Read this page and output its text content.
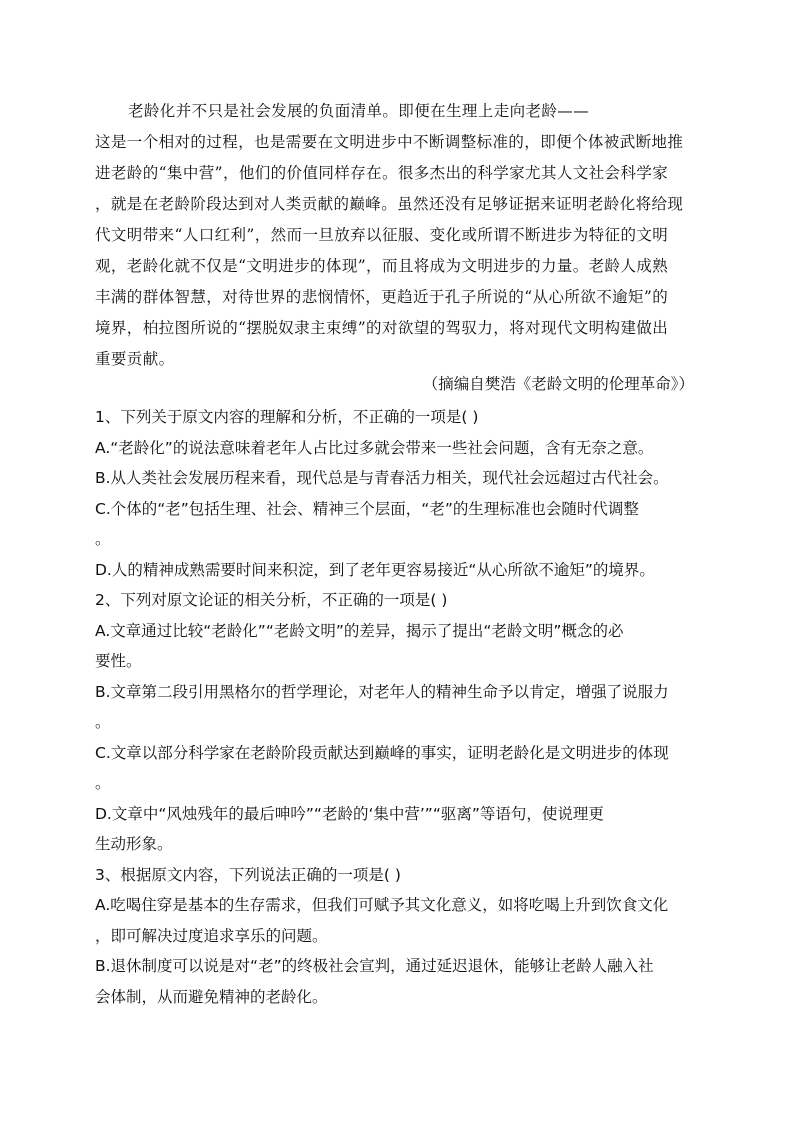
老龄化并不只是社会发展的负面清单。即便在生理上走向老龄——
这是一个相对的过程，也是需要在文明进步中不断调整标准的，即便个体被武断地推
进老龄的“集中营”，他们的价值同样存在。很多杰出的科学家尤其人文社会科学家
，就是在老龄阶段达到对人类贡献的巅峰。虽然还没有足够证据来证明老龄化将给现
代文明带来“人口红利”，然而一旦放弃以征服、变化或所谓不断进步为特征的文明
观，老龄化就不仅是“文明进步的体现”，而且将成为文明进步的力量。老龄人成熟
丰满的群体智慧，对待世界的悲悯情怀，更趋近于孔子所说的“从心所欲不逾矩”的
境界，柏拉图所说的“摆脱奴隶主束缚”的对欲望的驾驭力，将对现代文明构建做出
重要贡献。
（摘编自樊浩《老龄文明的伦理革命》）
1、下列关于原文内容的理解和分析，不正确的一项是( )
A.“老龄化”的说法意味着老年人占比过多就会带来一些社会问题，含有无奈之意。
B.从人类社会发展历程来看，现代总是与青春活力相关，现代社会远超过古代社会。
C.个体的“老”包括生理、社会、精神三个层面，“老”的生理标准也会随时代调整
。
D.人的精神成熟需要时间来积淀，到了老年更容易接近“从心所欲不逾矩”的境界。
2、下列对原文论证的相关分析，不正确的一项是( )
A.文章通过比较“老龄化”“老龄文明”的差异，揭示了提出“老龄文明”概念的必
要性。
B.文章第二段引用黑格尔的哲学理论，对老年人的精神生命予以肯定，增强了说服力
。
C.文章以部分科学家在老龄阶段贡献达到巅峰的事实，证明老龄化是文明进步的体现
。
D.文章中“风烛残年的最后呻吟”“老龄的‘集中营’”“驱离”等语句，使说理更
生动形象。
3、根据原文内容，下列说法正确的一项是( )
A.吃喝住穿是基本的生存需求，但我们可赋予其文化意义，如将吃喝上升到饮食文化
，即可解决过度追求享乐的问题。
B.退休制度可以说是对“老”的终极社会宣判，通过延迟退休，能够让老龄人融入社
会体制，从而避免精神的老龄化。
